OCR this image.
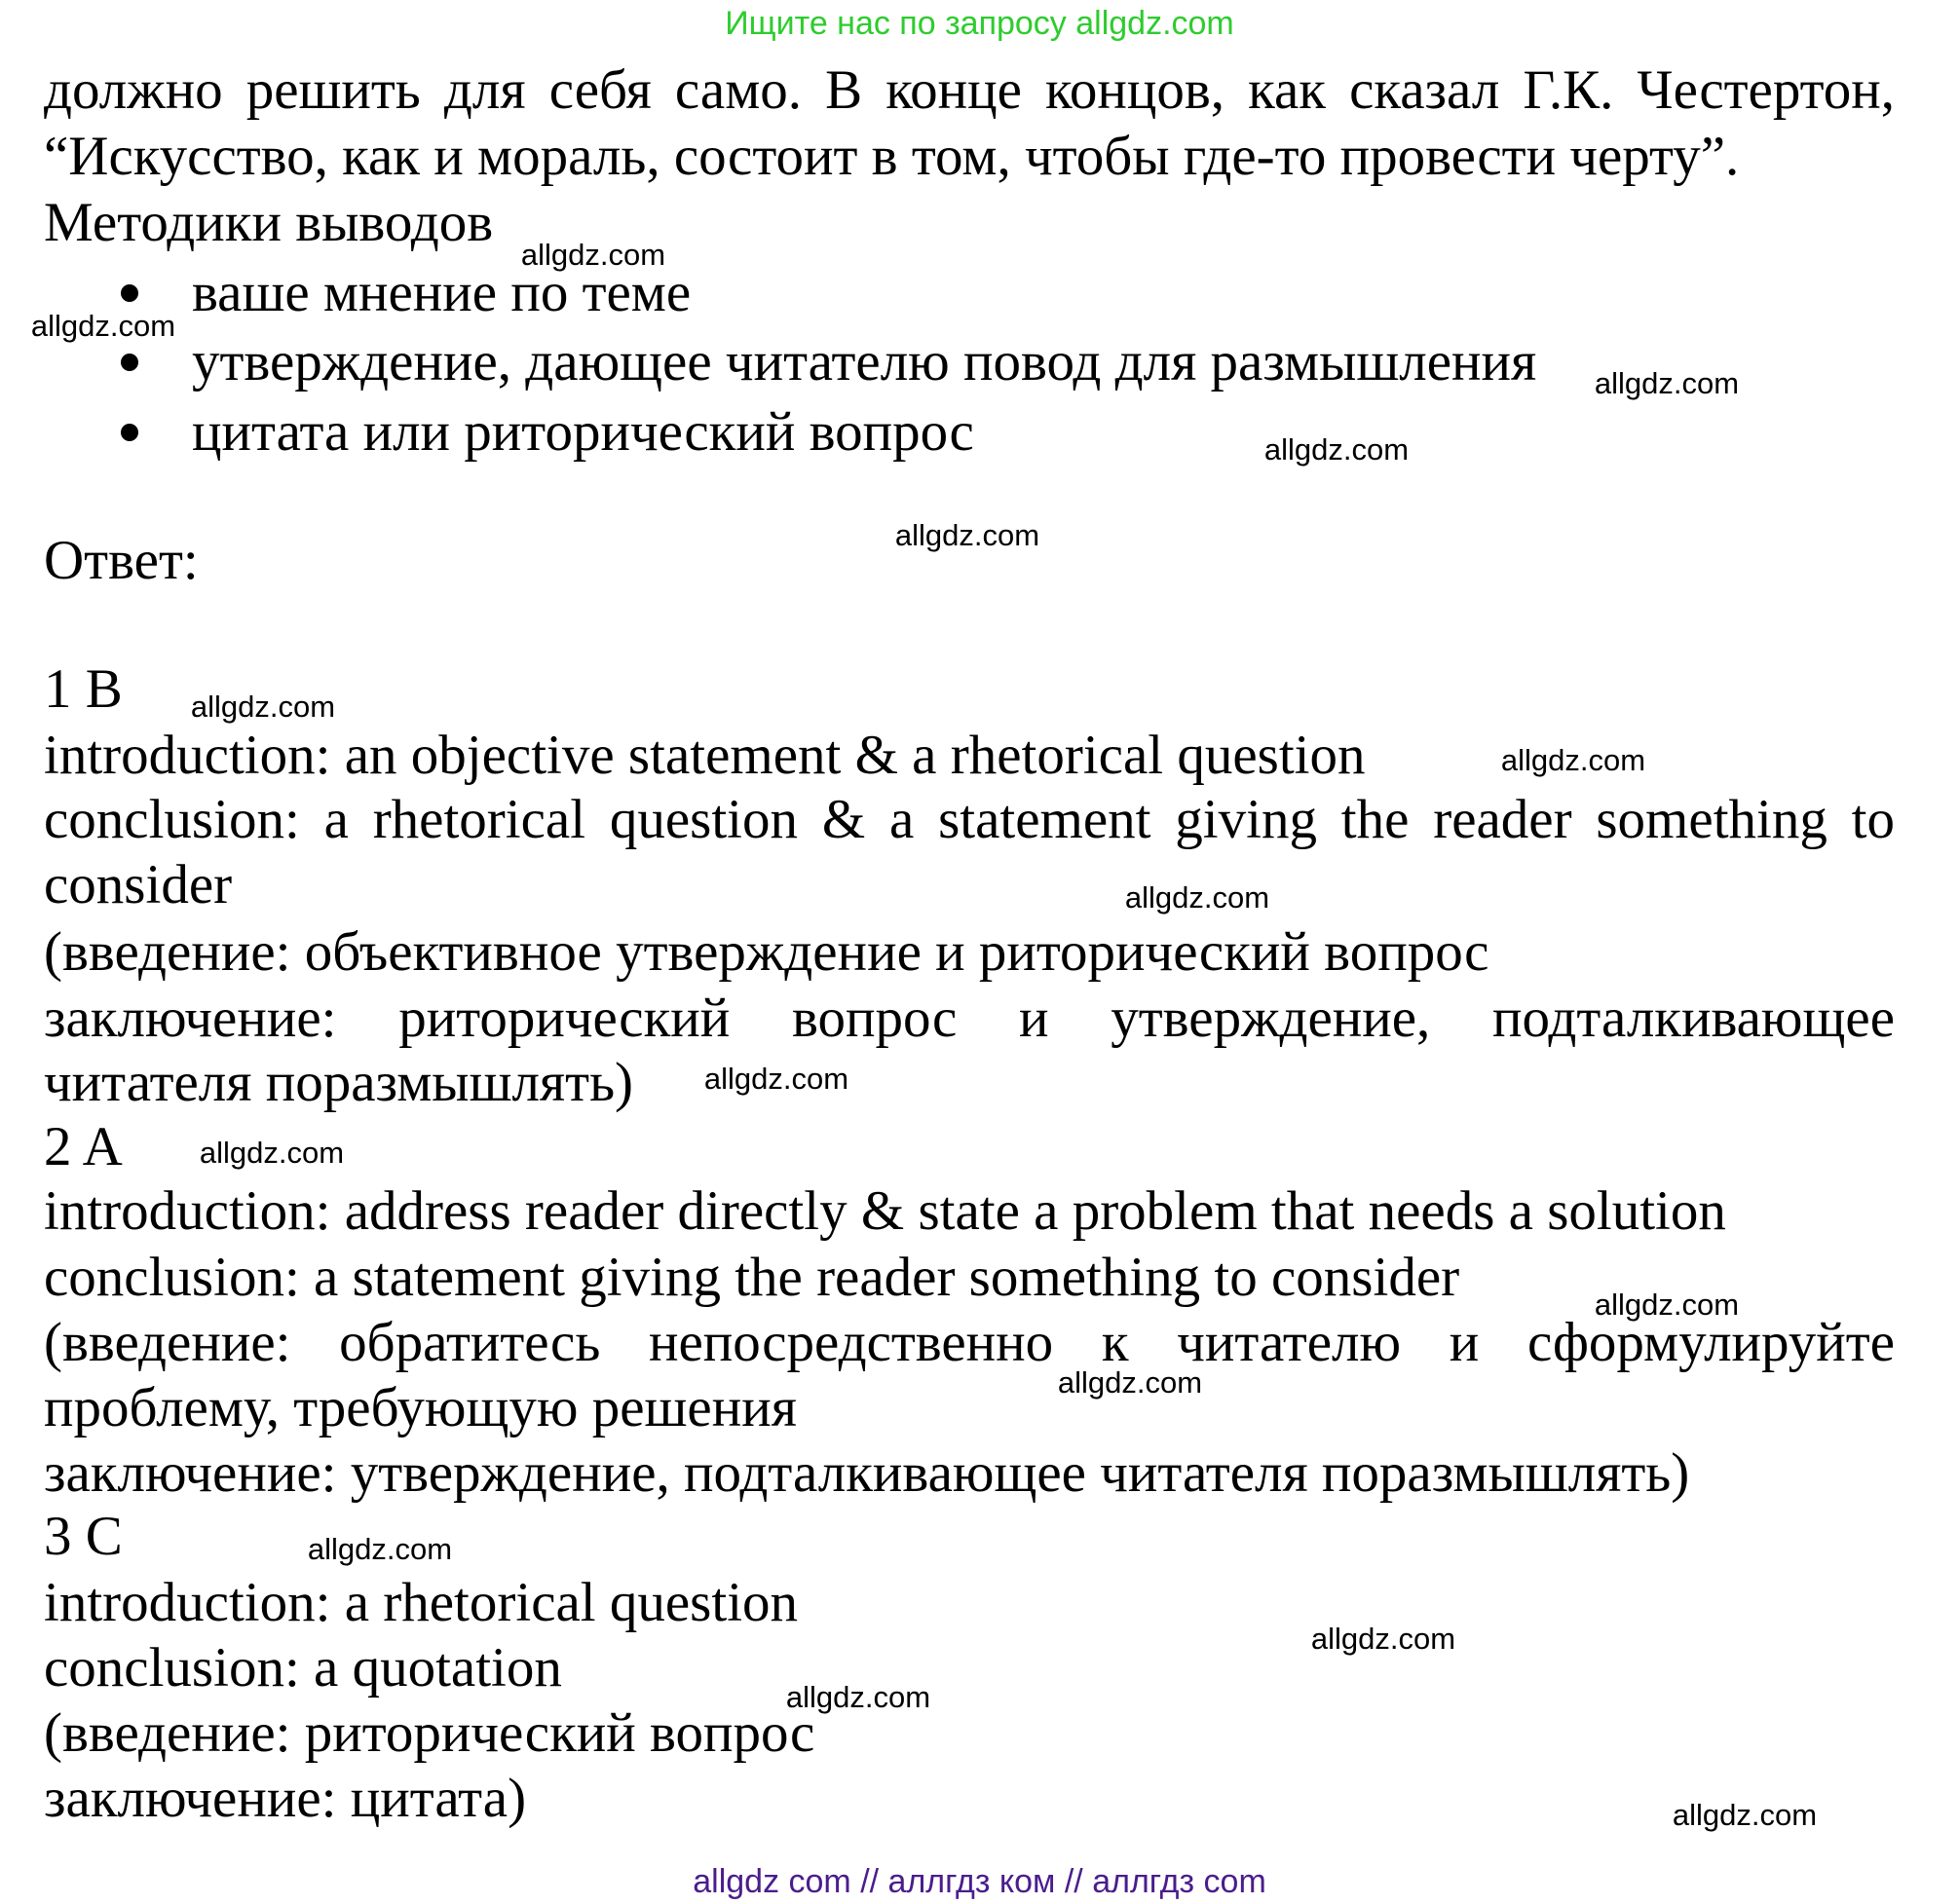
Ищите нас по запросу allgdz.com
должно решить для себя само. В конце концов, как сказал Г.К. Честертон,
“Искусство, как и мораль, состоит в том, чтобы где-то провести черту”.
Методики выводов
ваше мнение по теме
утверждение, дающее читателю повод для размышления
цитата или риторический вопрос
Ответ:
1 B
introduction: an objective statement & a rhetorical question
conclusion: a rhetorical question & a statement giving the reader something to
consider
(введение: объективное утверждение и риторический вопрос
заключение: риторический вопрос и утверждение, подталкивающее
читателя поразмышлять)
2 A
introduction: address reader directly & state a problem that needs a solution
conclusion: a statement giving the reader something to consider
(введение: обратитесь непосредственно к читателю и сформулируйте
проблему, требующую решения
заключение: утверждение, подталкивающее читателя поразмышлять)
3 C
introduction: a rhetorical question
conclusion: a quotation
(введение: риторический вопрос
заключение: цитата)
allgdz.com
allgdz.com
allgdz.com
allgdz.com
allgdz.com
allgdz.com
allgdz.com
allgdz.com
allgdz.com
allgdz.com
allgdz.com
allgdz.com
allgdz.com
allgdz.com
allgdz.com
allgdz.com
allgdz com // аллгдз ком // аллгдз com
